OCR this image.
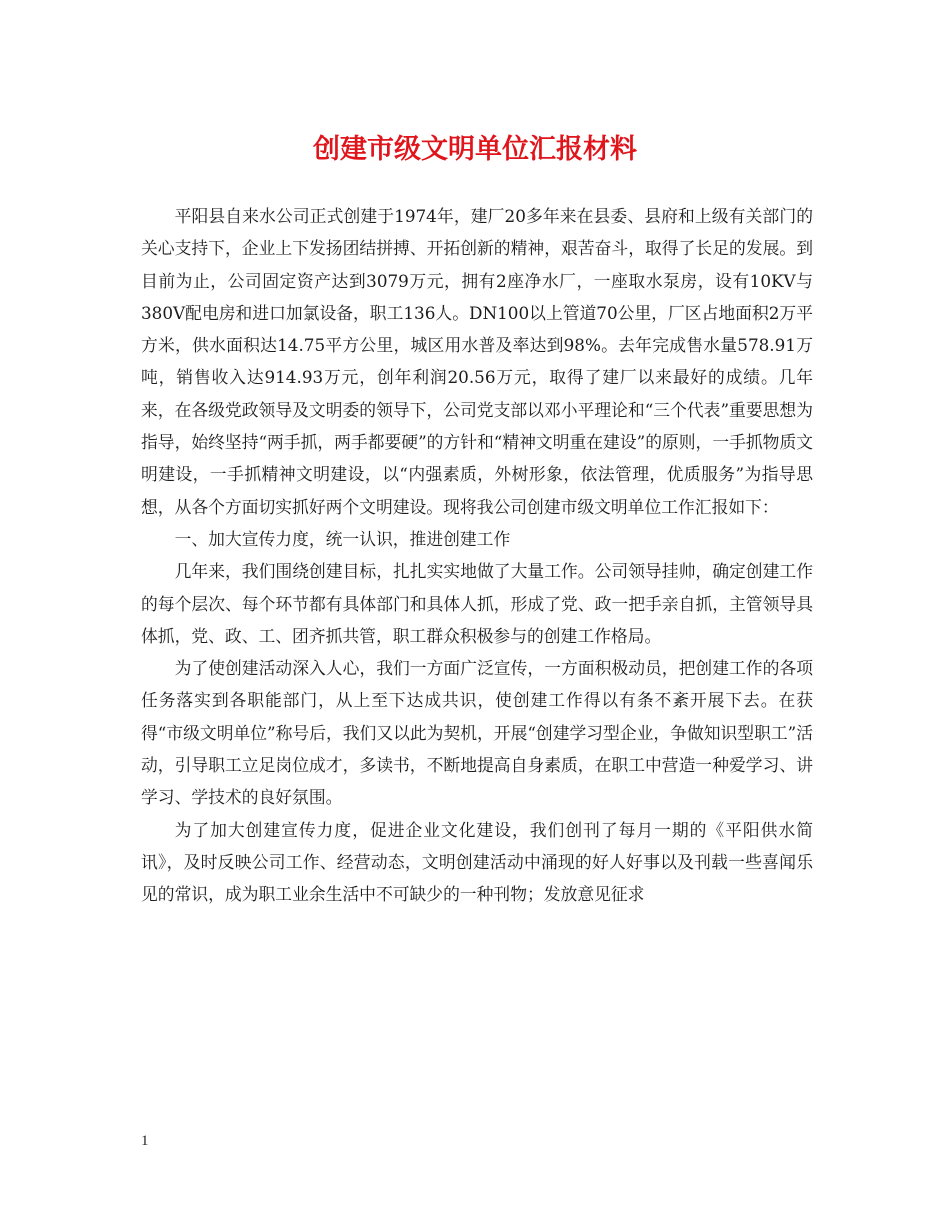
创建市级文明单位汇报材料

平阳县自来水公司正式创建于1974年，建厂20多年来在县委、县府和上级有关部门的关心支持下，企业上下发扬团结拼搏、开拓创新的精神，艰苦奋斗，取得了长足的发展。到目前为止，公司固定资产达到3079万元，拥有2座净水厂，一座取水泵房，设有10KV与380V配电房和进口加氯设备，职工136人。DN100以上管道70公里，厂区占地面积2万平方米，供水面积达14.75平方公里，城区用水普及率达到98%。去年完成售水量578.91万吨，销售收入达914.93万元，创年利润20.56万元，取得了建厂以来最好的成绩。几年来，在各级党政领导及文明委的领导下，公司党支部以邓小平理论和“三个代表”重要思想为指导，始终坚持“两手抓，两手都要硬”的方针和“精神文明重在建设”的原则，一手抓物质文明建设，一手抓精神文明建设，以“内强素质，外树形象，依法管理，优质服务”为指导思想，从各个方面切实抓好两个文明建设。现将我公司创建市级文明单位工作汇报如下：

一、加大宣传力度，统一认识，推进创建工作

几年来，我们围绕创建目标，扎扎实实地做了大量工作。公司领导挂帅，确定创建工作的每个层次、每个环节都有具体部门和具体人抓，形成了党、政一把手亲自抓，主管领导具体抓，党、政、工、团齐抓共管，职工群众积极参与的创建工作格局。

为了使创建活动深入人心，我们一方面广泛宣传，一方面积极动员，把创建工作的各项任务落实到各职能部门，从上至下达成共识，使创建工作得以有条不紊开展下去。在获得“市级文明单位”称号后，我们又以此为契机，开展“创建学习型企业，争做知识型职工”活动，引导职工立足岗位成才，多读书，不断地提高自身素质，在职工中营造一种爱学习、讲学习、学技术的良好氛围。

为了加大创建宣传力度，促进企业文化建设，我们创刊了每月一期的《平阳供水简讯》，及时反映公司工作、经营动态，文明创建活动中涌现的好人好事以及刊载一些喜闻乐见的常识，成为职工业余生活中不可缺少的一种刊物；发放意见征求

1
